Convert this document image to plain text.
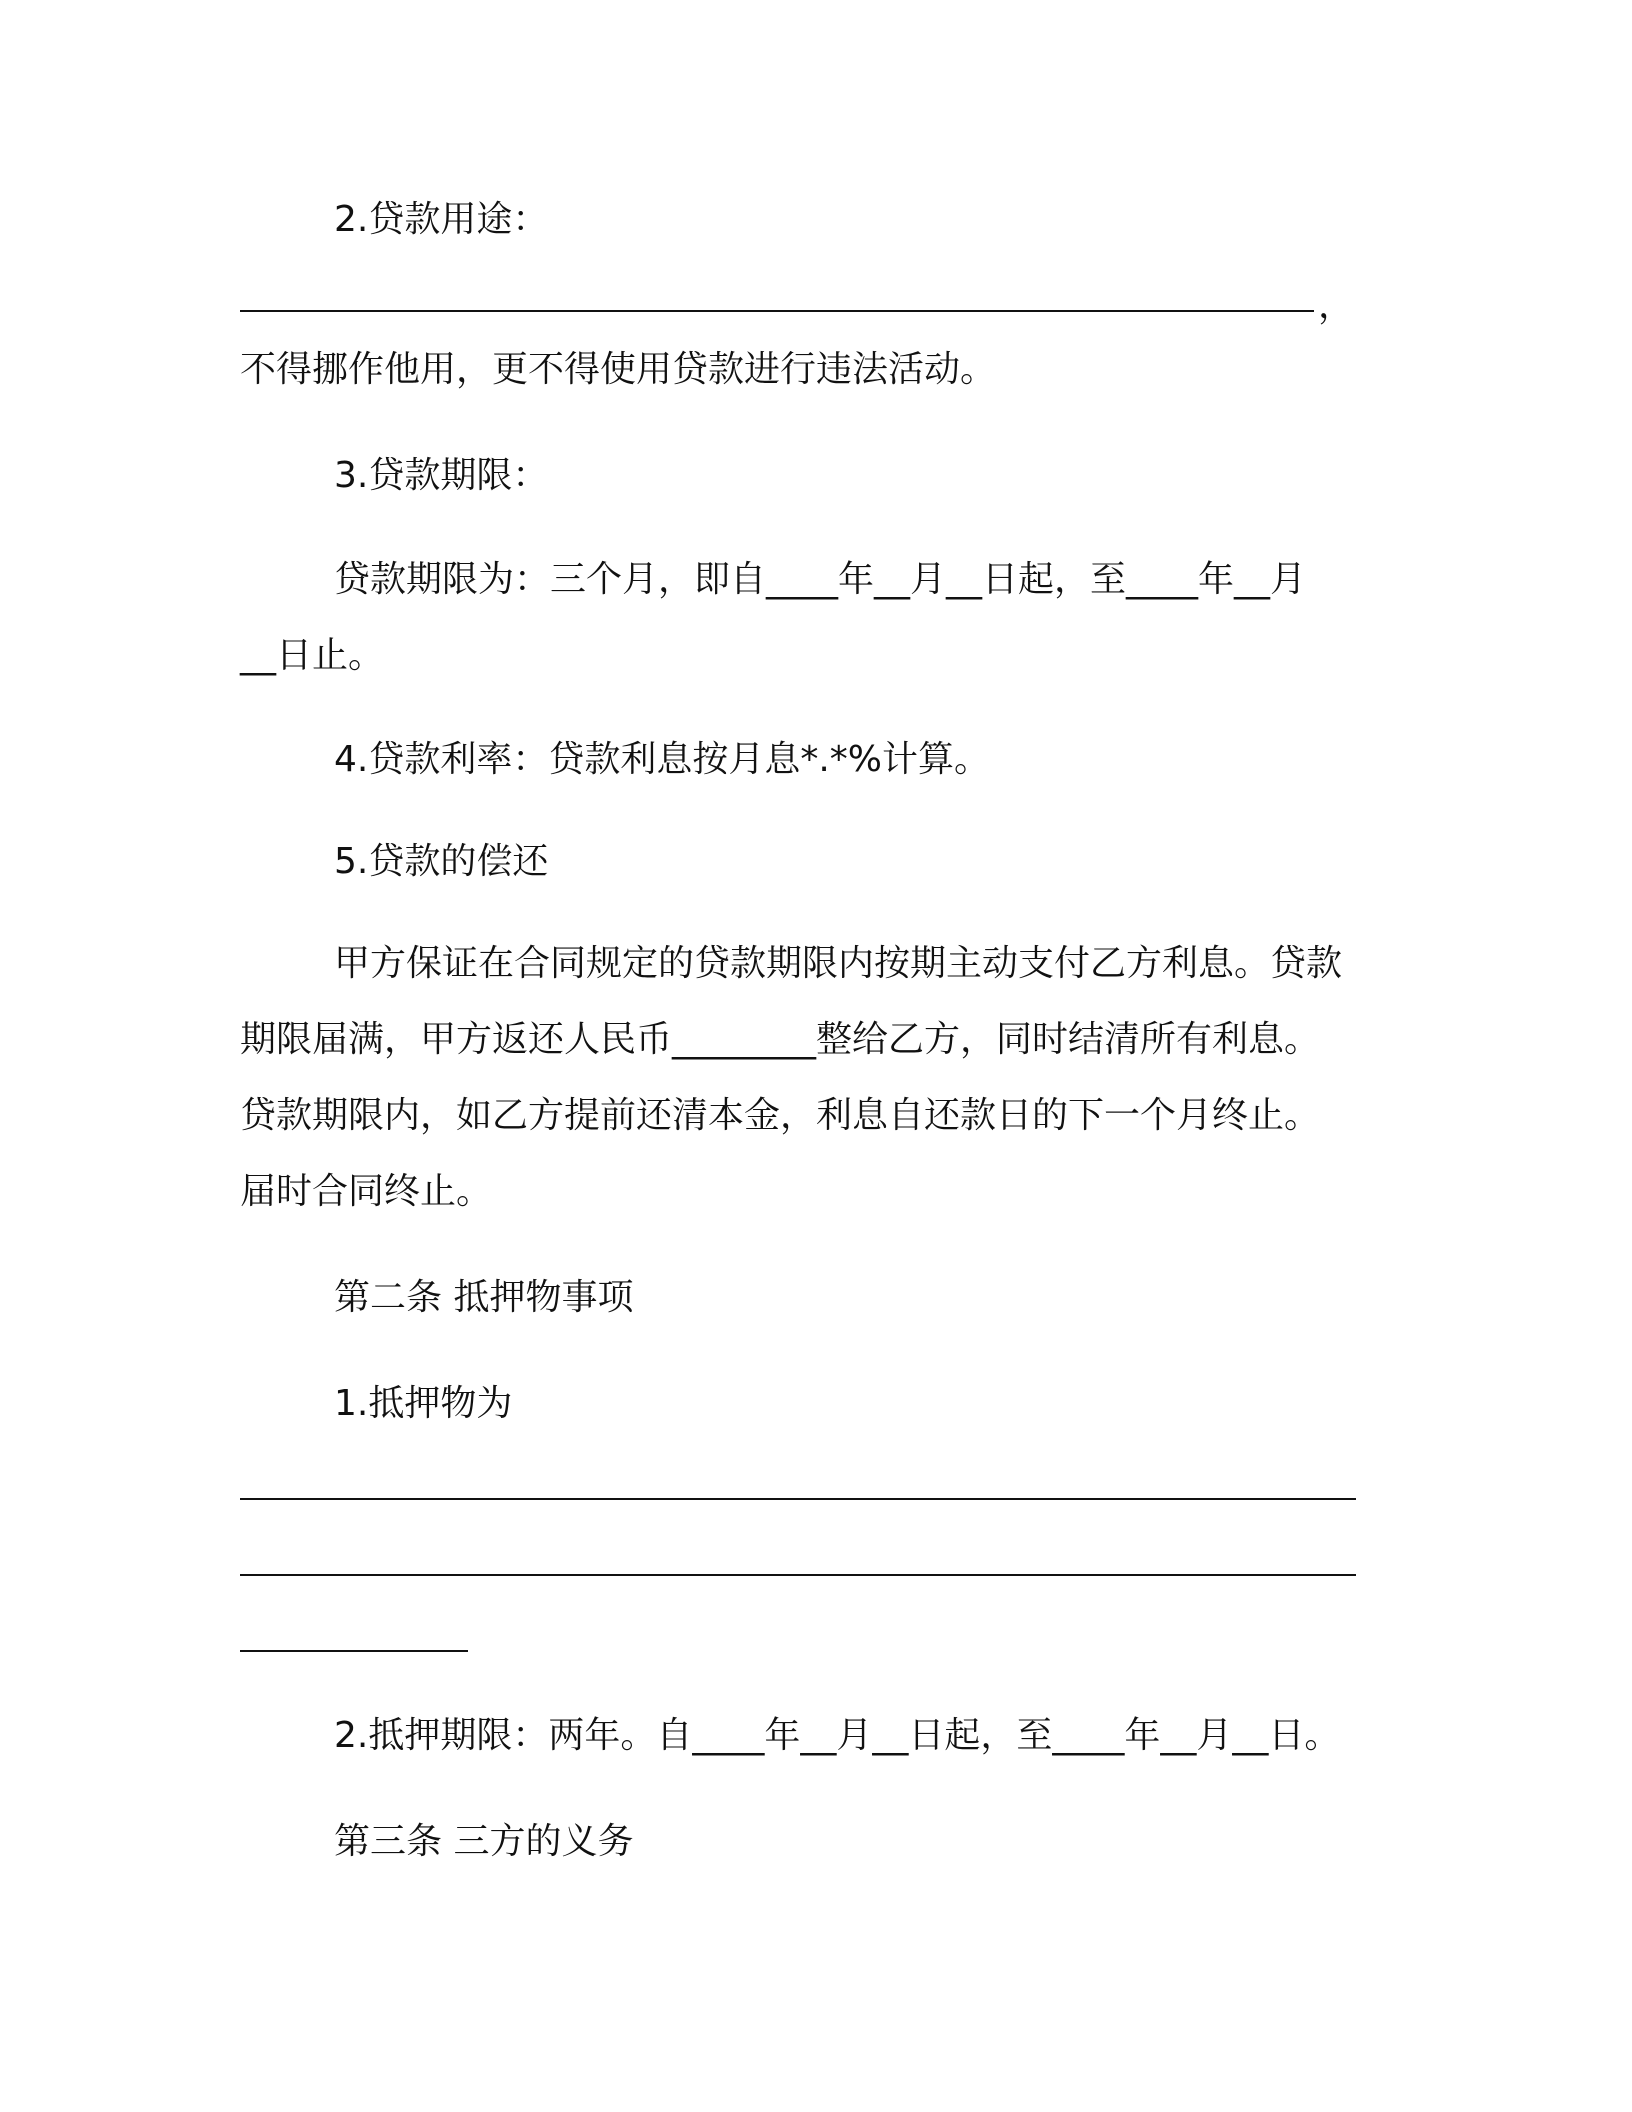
2.贷款用途：

，

不得挪作他用，更不得使用贷款进行违法活动。

3.贷款期限：

贷款期限为：三个月，即自____年__月__日起，至____年__月

__日止。

4.贷款利率：贷款利息按月息*.*%计算。

5.贷款的偿还

甲方保证在合同规定的贷款期限内按期主动支付乙方利息。贷款

期限届满，甲方返还人民币________整给乙方，同时结清所有利息。

贷款期限内，如乙方提前还清本金，利息自还款日的下一个月终止。

届时合同终止。

第二条 抵押物事项

1.抵押物为

2.抵押期限：两年。自____年__月__日起，至____年__月__日。

第三条 三方的义务
